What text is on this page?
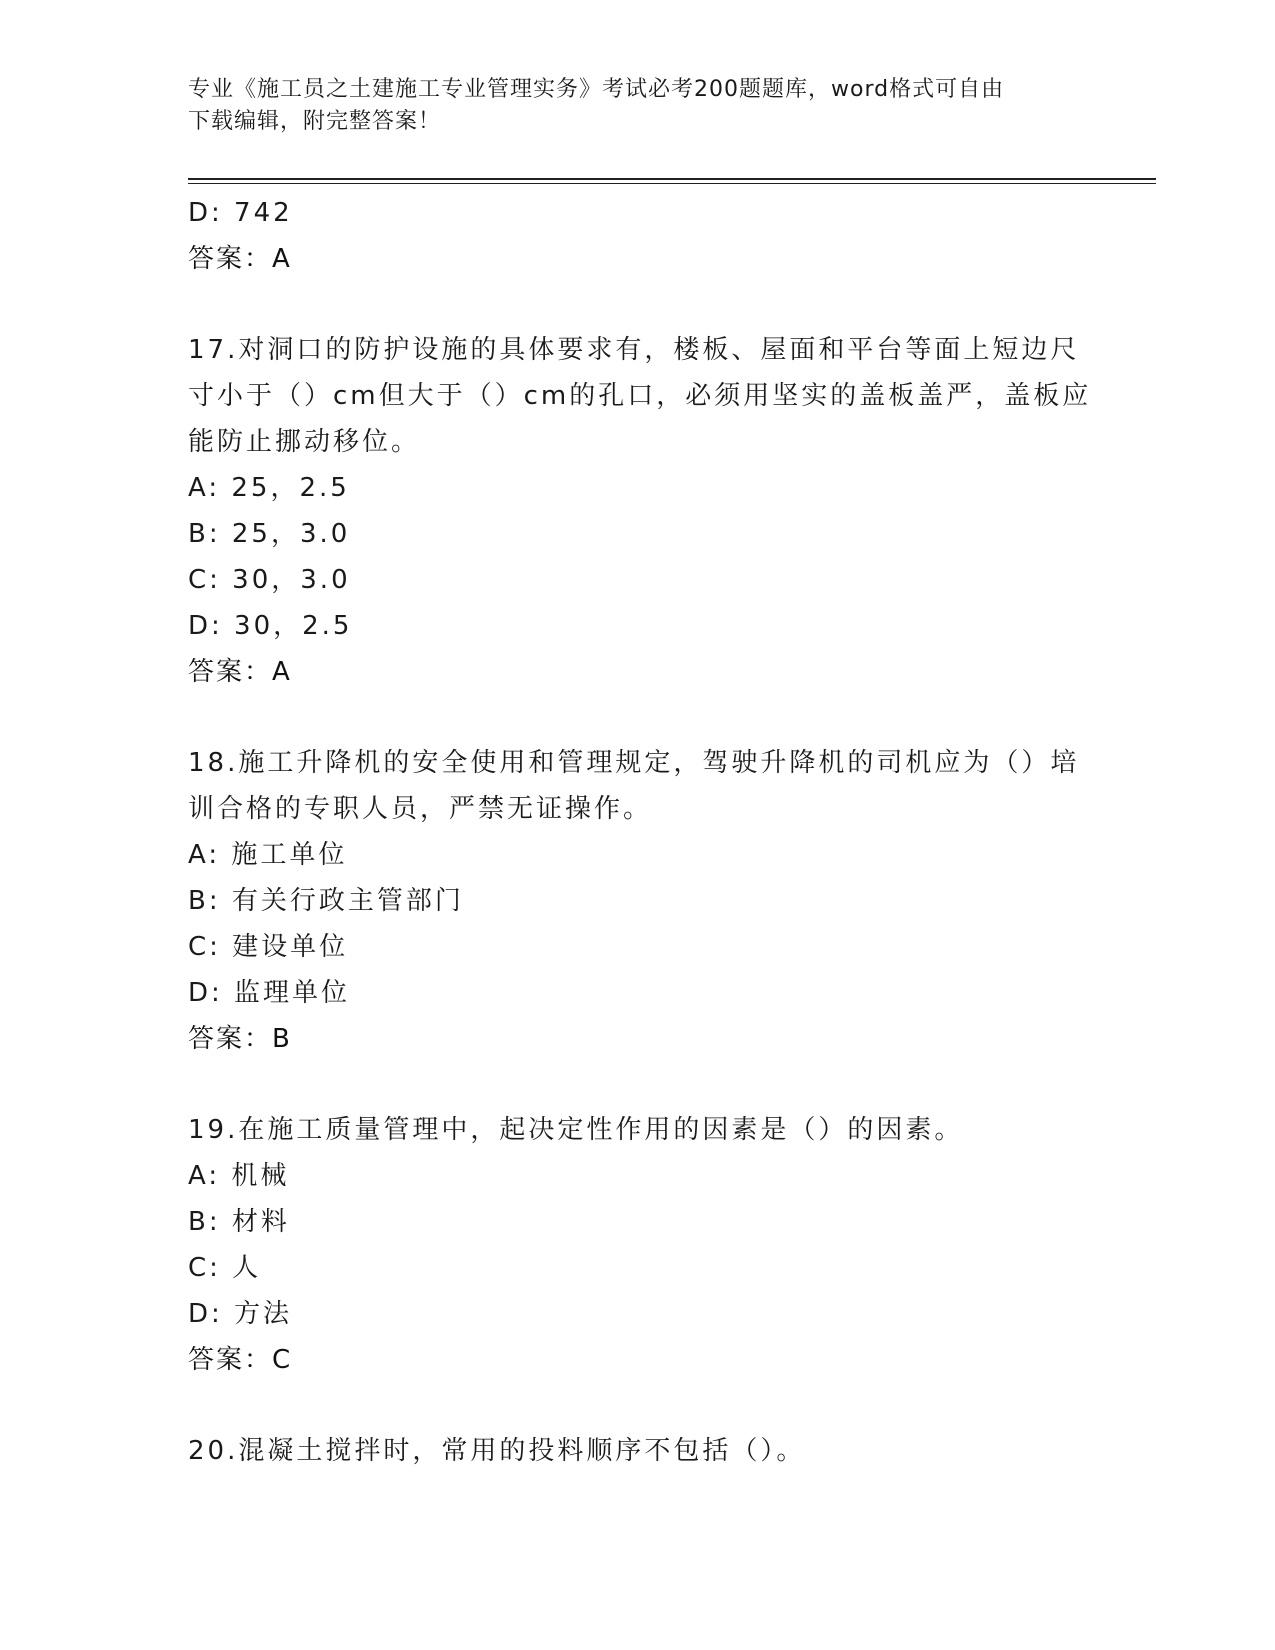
专业《施工员之土建施工专业管理实务》考试必考200题题库，word格式可自由
下载编辑，附完整答案！
D: 742
答案：A
17.对洞口的防护设施的具体要求有，楼板、屋面和平台等面上短边尺
寸小于（）cm但大于（）cm的孔口，必须用坚实的盖板盖严，盖板应
能防止挪动移位。
A: 25，2.5
B: 25，3.0
C: 30，3.0
D: 30，2.5
答案：A
18.施工升降机的安全使用和管理规定，驾驶升降机的司机应为（）培
训合格的专职人员，严禁无证操作。
A: 施工单位
B: 有关行政主管部门
C: 建设单位
D: 监理单位
答案：B
19.在施工质量管理中，起决定性作用的因素是（）的因素。
A: 机械
B: 材料
C: 人
D: 方法
答案：C
20.混凝土搅拌时，常用的投料顺序不包括（）。
